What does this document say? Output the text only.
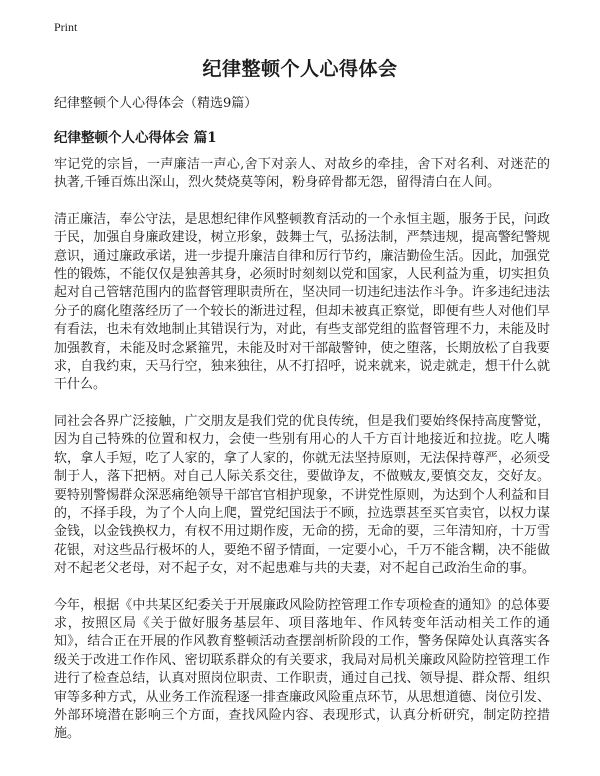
Print
纪律整顿个人心得体会
纪律整顿个人心得体会（精选9篇）
纪律整顿个人心得体会 篇1

牢记党的宗旨，一声廉洁一声心,舍下对亲人、对故乡的牵挂，舍下对名利、对迷茫的执著,千锤百炼出深山，烈火焚烧莫等闲，粉身碎骨都无怨，留得清白在人间。

清正廉洁，奉公守法，是思想纪律作风整顿教育活动的一个永恒主题，服务于民，问政于民，加强自身廉政建设，树立形象，鼓舞士气，弘扬法制，严禁违规，提高警纪警规意识，通过廉政承诺，进一步提升廉洁自律和厉行节约，廉洁勤俭生活。因此，加强党性的锻炼，不能仅仅是独善其身，必须时时刻刻以党和国家，人民利益为重，切实担负起对自己管辖范围内的监督管理职责所在，坚决同一切违纪违法作斗争。许多违纪违法分子的腐化堕落经历了一个较长的渐进过程，但却未被真正察觉，即便有些人对他们早有看法，也未有效地制止其错误行为，对此，有些支部党组的监督管理不力，未能及时加强教育，未能及时念紧箍咒，未能及时对干部敲警钟，使之堕落，长期放松了自我要求，自我约束，天马行空，独来独往，从不打招呼，说来就来，说走就走，想干什么就干什么。

同社会各界广泛接触，广交朋友是我们党的优良传统，但是我们要始终保持高度警觉，因为自己特殊的位置和权力，会使一些别有用心的人千方百计地接近和拉拢。吃人嘴软，拿人手短，吃了人家的，拿了人家的，你就无法坚持原则，无法保持尊严，必须受制于人，落下把柄。对自己人际关系交往，要做诤友，不做贼友,要慎交友，交好友。要特别警惕群众深恶痛绝领导干部官官相护现象，不讲党性原则，为达到个人利益和目的，不择手段，为了个人向上爬，置党纪国法于不顾，拉选票甚至买官卖官，以权力谋金钱，以金钱换权力，有权不用过期作废，无命的捞，无命的要，三年清知府，十万雪花银，对这些品行极坏的人，要绝不留予情面，一定要小心，千万不能含糊，决不能做对不起老父老母，对不起子女，对不起患难与共的夫妻，对不起自己政治生命的事。

今年，根据《中共某区纪委关于开展廉政风险防控管理工作专项检查的通知》的总体要求，按照区局《关于做好服务基层年、项目落地年、作风转变年活动相关工作的通知》，结合正在开展的作风教育整顿活动查摆剖析阶段的工作，警务保障处认真落实各级关于改进工作作风、密切联系群众的有关要求，我局对局机关廉政风险防控管理工作进行了检查总结，认真对照岗位职责、工作职责，通过自己找、领导提、群众帮、组织审等多种方式，从业务工作流程逐一排查廉政风险重点环节，从思想道德、岗位引发、外部环境潜在影响三个方面，查找风险内容、表现形式，认真分析研究，制定防控措施。
